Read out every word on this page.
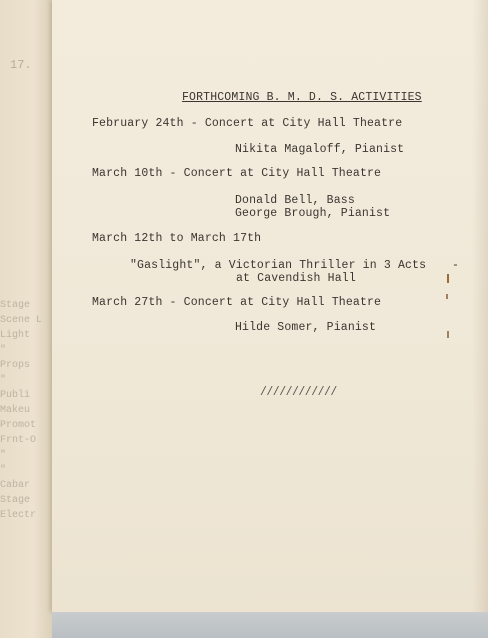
17.
Stage
Scene L
Light
"
Props
"
Publi
Makeu
Promot
Frnt-O
"
"
Cabar
Stage
Electr
FORTHCOMING B. M. D. S. ACTIVITIES
February 24th - Concert at City Hall Theatre
Nikita Magaloff, Pianist
March 10th - Concert at City Hall Theatre
Donald Bell, Bass
George Brough, Pianist
March 12th to March 17th
"Gaslight", a Victorian Thriller in 3 Acts -
at Cavendish Hall
March 27th - Concert at City Hall Theatre
Hilde Somer, Pianist
////////////
